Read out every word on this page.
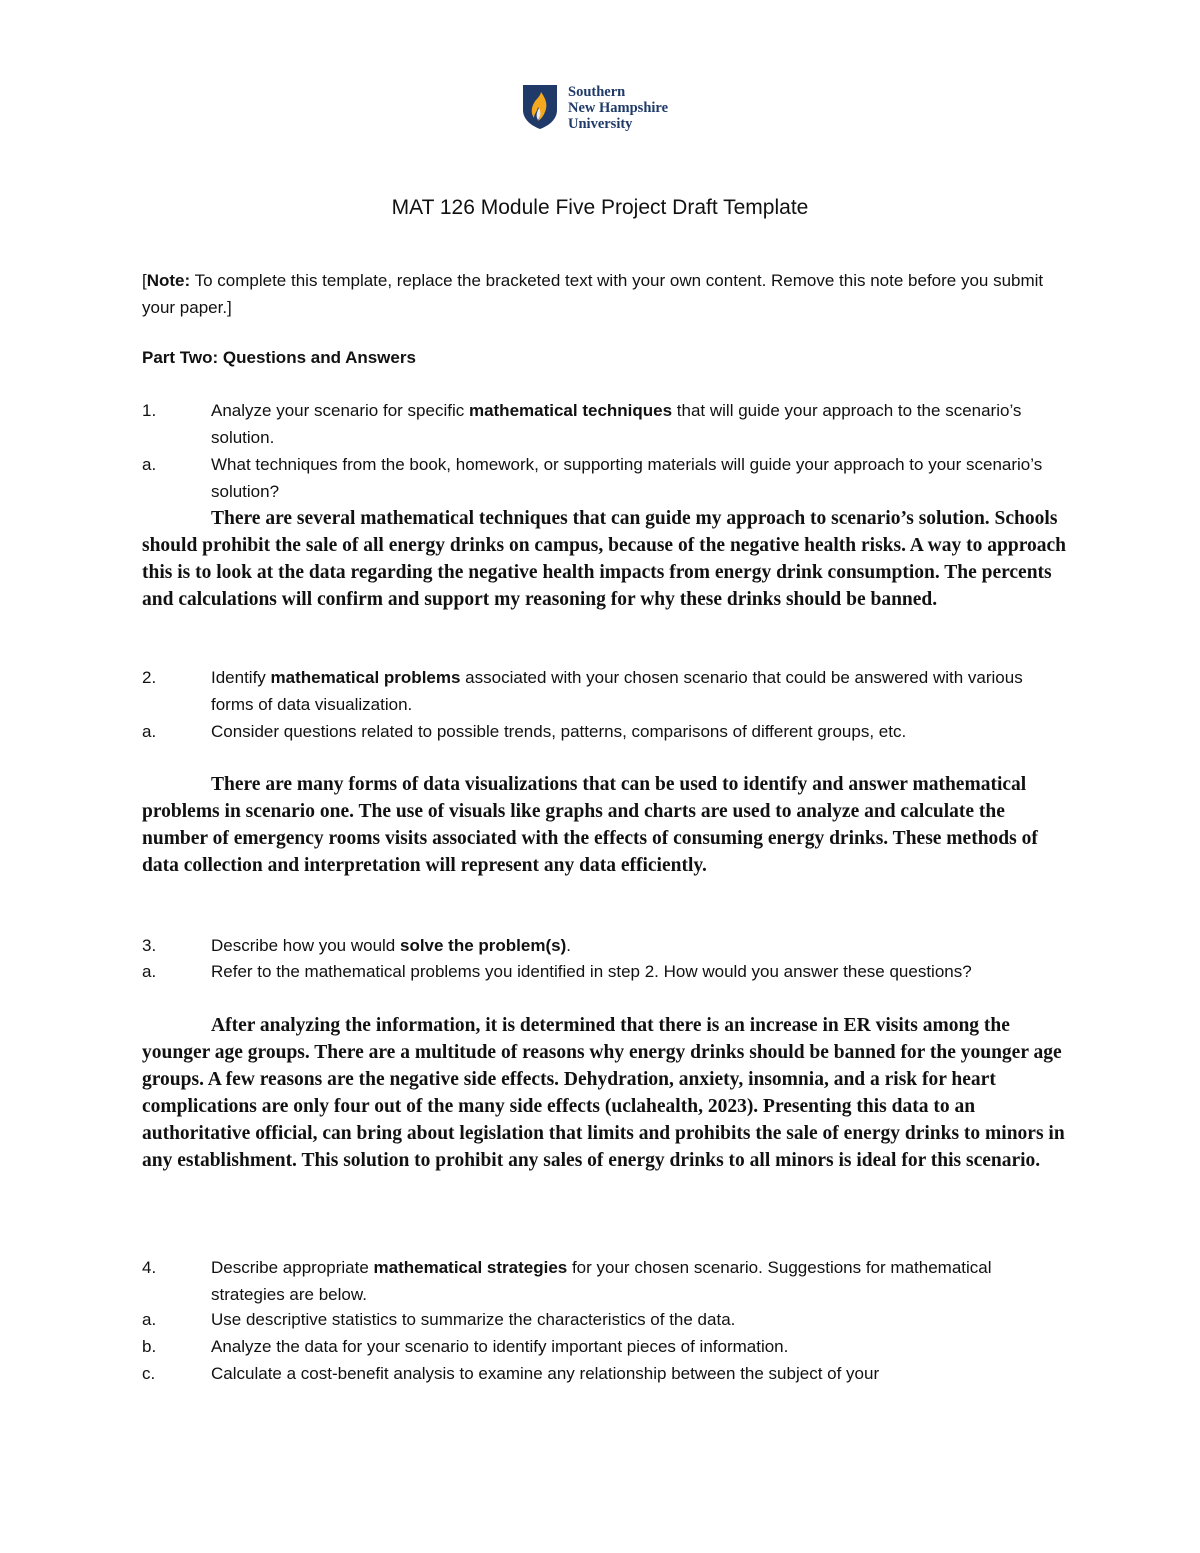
Southern
New Hampshire
University
MAT 126 Module Five Project Draft Template
[Note: To complete this template, replace the bracketed text with your own content. Remove this note before you submit your paper.]
Part Two: Questions and Answers
1.	Analyze your scenario for specific mathematical techniques that will guide your approach to the scenario’s solution.
a.	What techniques from the book, homework, or supporting materials will guide your approach to your scenario’s solution?
There are several mathematical techniques that can guide my approach to scenario’s solution. Schools should prohibit the sale of all energy drinks on campus, because of the negative health risks. A way to approach this is to look at the data regarding the negative health impacts from energy drink consumption. The percents and calculations will confirm and support my reasoning for why these drinks should be banned.
2.	Identify mathematical problems associated with your chosen scenario that could be answered with various forms of data visualization.
a.	Consider questions related to possible trends, patterns, comparisons of different groups, etc.
There are many forms of data visualizations that can be used to identify and answer mathematical problems in scenario one. The use of visuals like graphs and charts are used to analyze and calculate the number of emergency rooms visits associated with the effects of consuming energy drinks. These methods of data collection and interpretation will represent any data efficiently.
3.	Describe how you would solve the problem(s).
a.	Refer to the mathematical problems you identified in step 2. How would you answer these questions?
After analyzing the information, it is determined that there is an increase in ER visits among the younger age groups. There are a multitude of reasons why energy drinks should be banned for the younger age groups. A few reasons are the negative side effects. Dehydration, anxiety, insomnia, and a risk for heart complications are only four out of the many side effects (uclahealth, 2023). Presenting this data to an authoritative official, can bring about legislation that limits and prohibits the sale of energy drinks to minors in any establishment. This solution to prohibit any sales of energy drinks to all minors is ideal for this scenario.
4.	Describe appropriate mathematical strategies for your chosen scenario. Suggestions for mathematical strategies are below.
a.	Use descriptive statistics to summarize the characteristics of the data.
b.	Analyze the data for your scenario to identify important pieces of information.
c.	Calculate a cost-benefit analysis to examine any relationship between the subject of your
